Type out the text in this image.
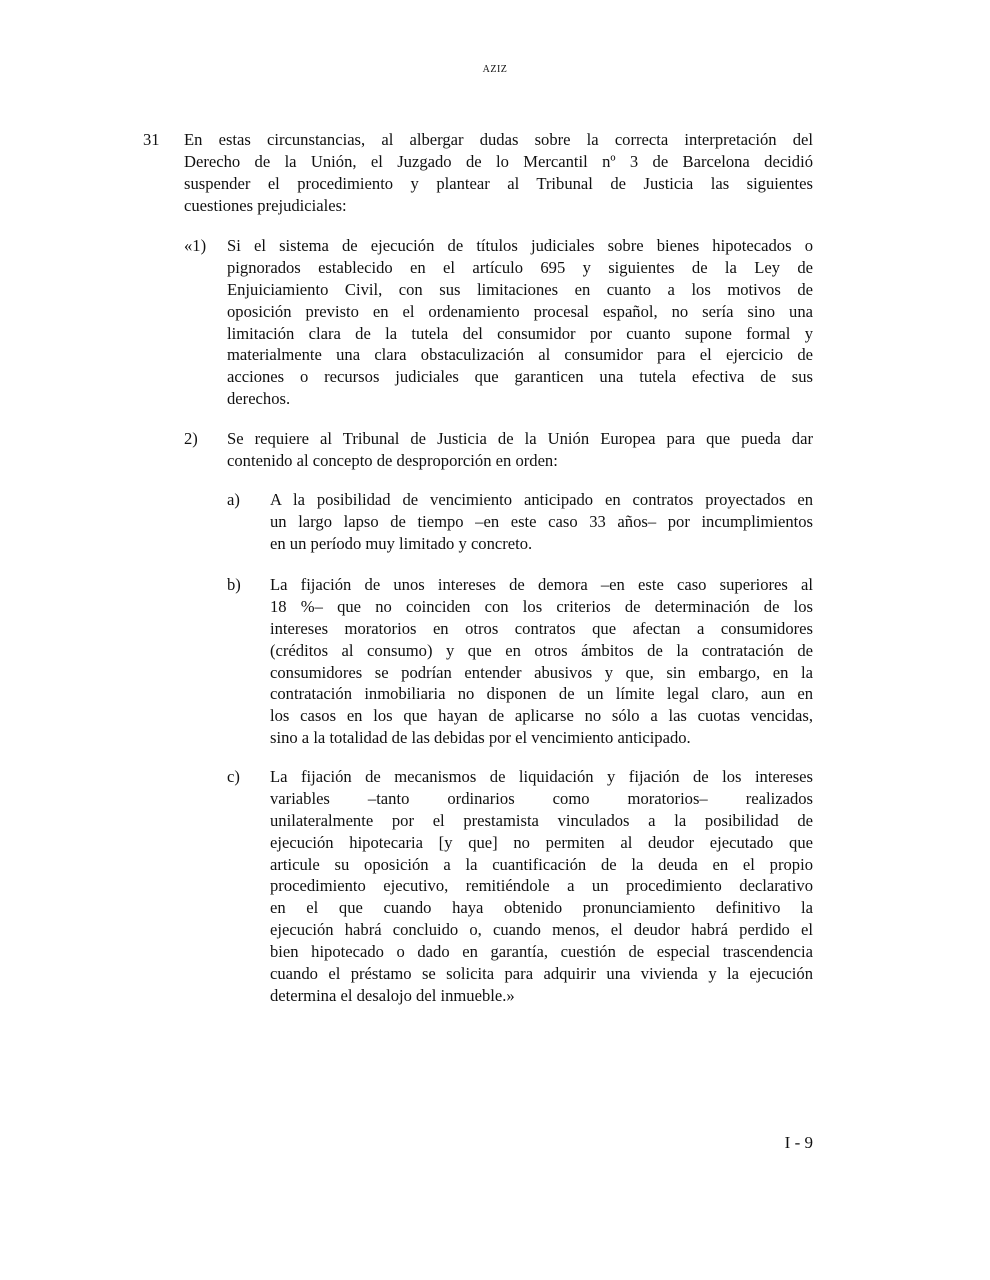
AZIZ
31 En estas circunstancias, al albergar dudas sobre la correcta interpretación del
Derecho de la Unión, el Juzgado de lo Mercantil nº 3 de Barcelona decidió
suspender el procedimiento y plantear al Tribunal de Justicia las siguientes
cuestiones prejudiciales:
«1) Si el sistema de ejecución de títulos judiciales sobre bienes hipotecados o
pignorados establecido en el artículo 695 y siguientes de la Ley de
Enjuiciamiento Civil, con sus limitaciones en cuanto a los motivos de
oposición previsto en el ordenamiento procesal español, no sería sino una
limitación clara de la tutela del consumidor por cuanto supone formal y
materialmente una clara obstaculización al consumidor para el ejercicio de
acciones o recursos judiciales que garanticen una tutela efectiva de sus
derechos.
2) Se requiere al Tribunal de Justicia de la Unión Europea para que pueda dar
contenido al concepto de desproporción en orden:
a) A la posibilidad de vencimiento anticipado en contratos proyectados en
un largo lapso de tiempo –en este caso 33 años– por incumplimientos
en un período muy limitado y concreto.
b) La fijación de unos intereses de demora –en este caso superiores al
18 %– que no coinciden con los criterios de determinación de los
intereses moratorios en otros contratos que afectan a consumidores
(créditos al consumo) y que en otros ámbitos de la contratación de
consumidores se podrían entender abusivos y que, sin embargo, en la
contratación inmobiliaria no disponen de un límite legal claro, aun en
los casos en los que hayan de aplicarse no sólo a las cuotas vencidas,
sino a la totalidad de las debidas por el vencimiento anticipado.
c) La fijación de mecanismos de liquidación y fijación de los intereses
variables –tanto ordinarios como moratorios– realizados
unilateralmente por el prestamista vinculados a la posibilidad de
ejecución hipotecaria [y que] no permiten al deudor ejecutado que
articule su oposición a la cuantificación de la deuda en el propio
procedimiento ejecutivo, remitiéndole a un procedimiento declarativo
en el que cuando haya obtenido pronunciamiento definitivo la
ejecución habrá concluido o, cuando menos, el deudor habrá perdido el
bien hipotecado o dado en garantía, cuestión de especial trascendencia
cuando el préstamo se solicita para adquirir una vivienda y la ejecución
determina el desalojo del inmueble.»
I - 9
